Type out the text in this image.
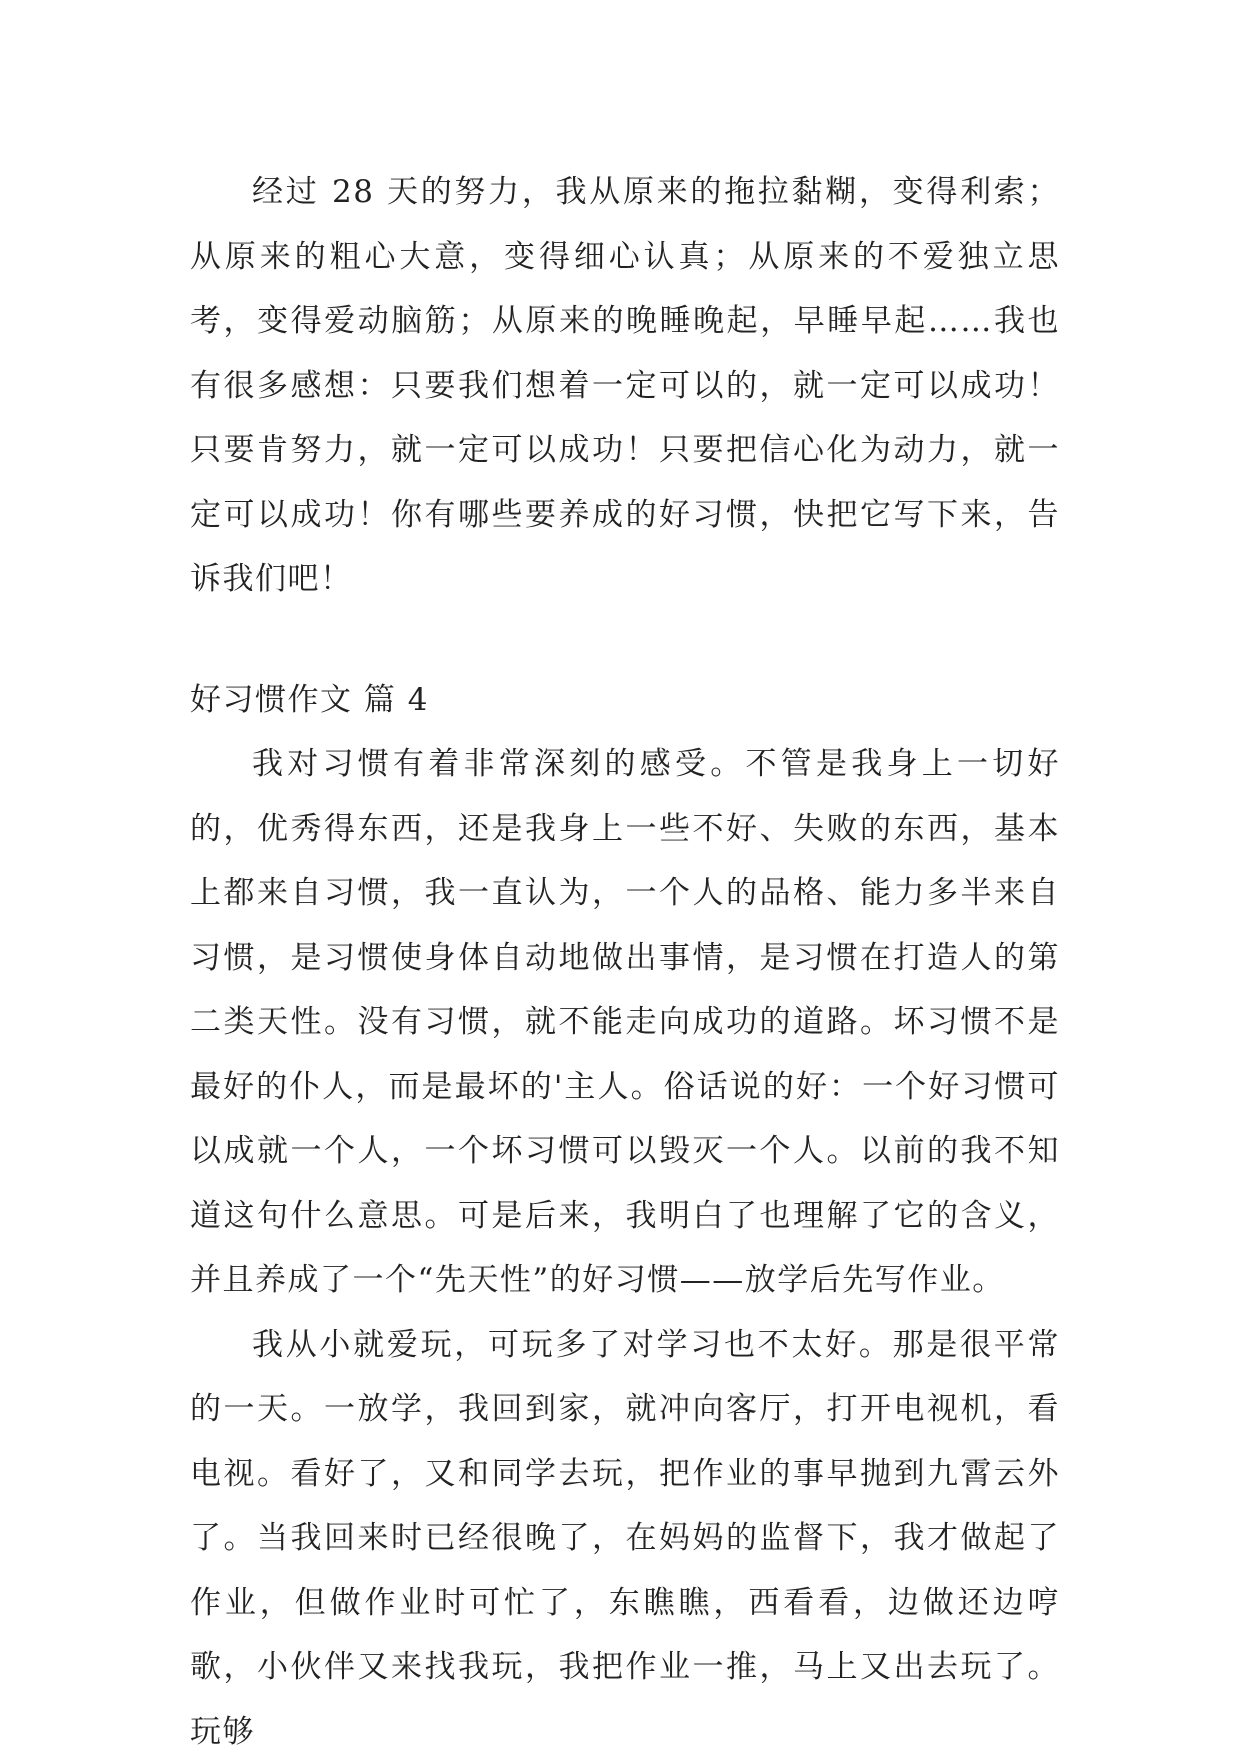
经过 28 天的努力，我从原来的拖拉黏糊，变得利索；从原来的粗心大意，变得细心认真；从原来的不爱独立思考，变得爱动脑筋；从原来的晚睡晚起，早睡早起……我也有很多感想：只要我们想着一定可以的，就一定可以成功！只要肯努力，就一定可以成功！只要把信心化为动力，就一定可以成功！你有哪些要养成的好习惯，快把它写下来，告诉我们吧！

好习惯作文 篇 4

我对习惯有着非常深刻的感受。不管是我身上一切好的，优秀得东西，还是我身上一些不好、失败的东西，基本上都来自习惯，我一直认为，一个人的品格、能力多半来自习惯，是习惯使身体自动地做出事情，是习惯在打造人的第二类天性。没有习惯，就不能走向成功的道路。坏习惯不是最好的仆人，而是最坏的'主人。俗话说的好：一个好习惯可以成就一个人，一个坏习惯可以毁灭一个人。以前的我不知道这句什么意思。可是后来，我明白了也理解了它的含义，并且养成了一个“先天性”的好习惯——放学后先写作业。

我从小就爱玩，可玩多了对学习也不太好。那是很平常的一天。一放学，我回到家，就冲向客厅，打开电视机，看电视。看好了，又和同学去玩，把作业的事早抛到九霄云外了。当我回来时已经很晚了，在妈妈的监督下，我才做起了作业，但做作业时可忙了，东瞧瞧，西看看，边做还边哼歌，小伙伴又来找我玩，我把作业一推，马上又出去玩了。玩够
